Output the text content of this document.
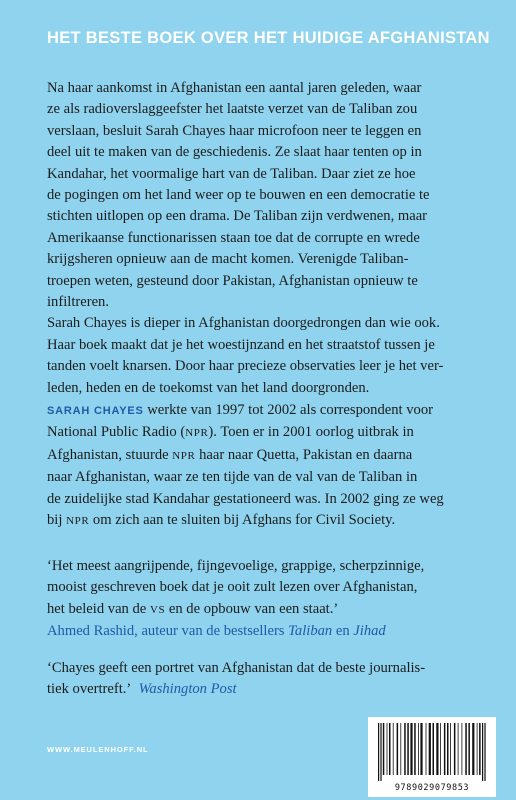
HET BESTE BOEK OVER HET HUIDIGE AFGHANISTAN
Na haar aankomst in Afghanistan een aantal jaren geleden, waar
ze als radioverslaggeefster het laatste verzet van de Taliban zou
verslaan, besluit Sarah Chayes haar microfoon neer te leggen en
deel uit te maken van de geschiedenis. Ze slaat haar tenten op in
Kandahar, het voormalige hart van de Taliban. Daar ziet ze hoe
de pogingen om het land weer op te bouwen en een democratie te
stichten uitlopen op een drama. De Taliban zijn verdwenen, maar
Amerikaanse functionarissen staan toe dat de corrupte en wrede
krijgsheren opnieuw aan de macht komen. Verenigde Taliban-
troepen weten, gesteund door Pakistan, Afghanistan opnieuw te
infiltreren.
Sarah Chayes is dieper in Afghanistan doorgedrongen dan wie ook.
Haar boek maakt dat je het woestijnzand en het straatstof tussen je
tanden voelt knarsen. Door haar precieze observaties leer je het ver-
leden, heden en de toekomst van het land doorgronden.
SARAH CHAYES werkte van 1997 tot 2002 als correspondent voor
National Public Radio (NPR). Toen er in 2001 oorlog uitbrak in
Afghanistan, stuurde NPR haar naar Quetta, Pakistan en daarna
naar Afghanistan, waar ze ten tijde van de val van de Taliban in
de zuidelijke stad Kandahar gestationeerd was. In 2002 ging ze weg
bij NPR om zich aan te sluiten bij Afghans for Civil Society.
‘Het meest aangrijpende, fijngevoelige, grappige, scherpzinnige,
mooist geschreven boek dat je ooit zult lezen over Afghanistan,
het beleid van de VS en de opbouw van een staat.’
Ahmed Rashid, auteur van de bestsellers Taliban en Jihad
‘Chayes geeft een portret van Afghanistan dat de beste journalis-
tiek overtreft.’ Washington Post
WWW.MEULENHOFF.NL
9789029079853
